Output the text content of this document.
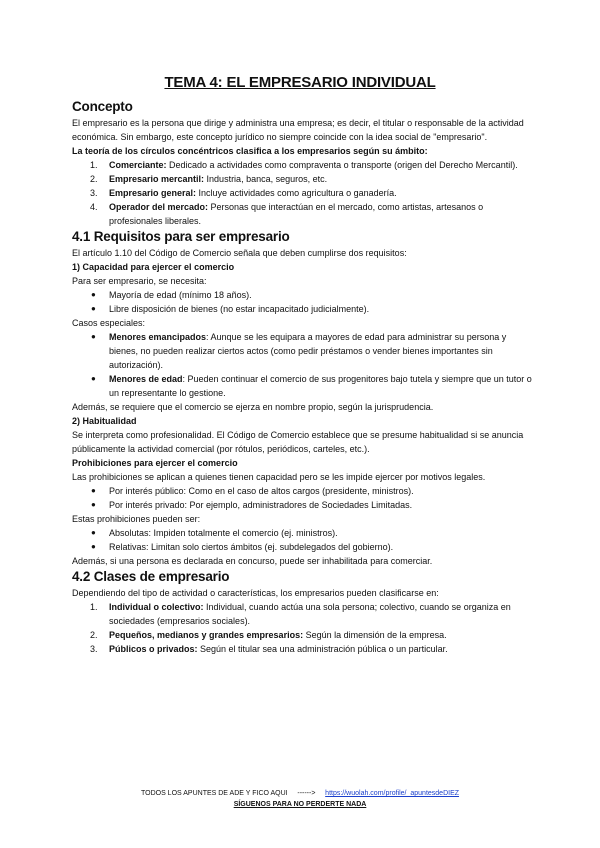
TEMA 4: EL EMPRESARIO INDIVIDUAL
Concepto

El empresario es la persona que dirige y administra una empresa; es decir, el titular o responsable de la actividad económica. Sin embargo, este concepto jurídico no siempre coincide con la idea social de "empresario".

La teoría de los círculos concéntricos clasifica a los empresarios según su ámbito:

1. Comerciante: Dedicado a actividades como compraventa o transporte (origen del Derecho Mercantil).
2. Empresario mercantil: Industria, banca, seguros, etc.
3. Empresario general: Incluye actividades como agricultura o ganadería.
4. Operador del mercado: Personas que interactúan en el mercado, como artistas, artesanos o profesionales liberales.
4.1 Requisitos para ser empresario

El artículo 1.10 del Código de Comercio señala que deben cumplirse dos requisitos:

1) Capacidad para ejercer el comercio

Para ser empresario, se necesita:

● Mayoría de edad (mínimo 18 años).
● Libre disposición de bienes (no estar incapacitado judicialmente).

Casos especiales:

● Menores emancipados: Aunque se les equipara a mayores de edad para administrar su persona y bienes, no pueden realizar ciertos actos (como pedir préstamos o vender bienes importantes sin autorización).
● Menores de edad: Pueden continuar el comercio de sus progenitores bajo tutela y siempre que un tutor o un representante lo gestione.

Además, se requiere que el comercio se ejerza en nombre propio, según la jurisprudencia.

2) Habitualidad

Se interpreta como profesionalidad. El Código de Comercio establece que se presume habitualidad si se anuncia públicamente la actividad comercial (por rótulos, periódicos, carteles, etc.).

Prohibiciones para ejercer el comercio

Las prohibiciones se aplican a quienes tienen capacidad pero se les impide ejercer por motivos legales.

● Por interés público: Como en el caso de altos cargos (presidente, ministros).
● Por interés privado: Por ejemplo, administradores de Sociedades Limitadas.

Estas prohibiciones pueden ser:

● Absolutas: Impiden totalmente el comercio (ej. ministros).
● Relativas: Limitan solo ciertos ámbitos (ej. subdelegados del gobierno).

Además, si una persona es declarada en concurso, puede ser inhabilitada para comerciar.

4.2 Clases de empresario

Dependiendo del tipo de actividad o características, los empresarios pueden clasificarse en:

1. Individual o colectivo: Individual, cuando actúa una sola persona; colectivo, cuando se organiza en sociedades (empresarios sociales).
2. Pequeños, medianos y grandes empresarios: Según la dimensión de la empresa.
3. Públicos o privados: Según el titular sea una administración pública o un particular.
TODOS LOS APUNTES DE ADE Y FICO AQUI ------> https://wuolah.com/profile/_apuntesdeDIEZ
SÍGUENOS PARA NO PERDERTE NADA
